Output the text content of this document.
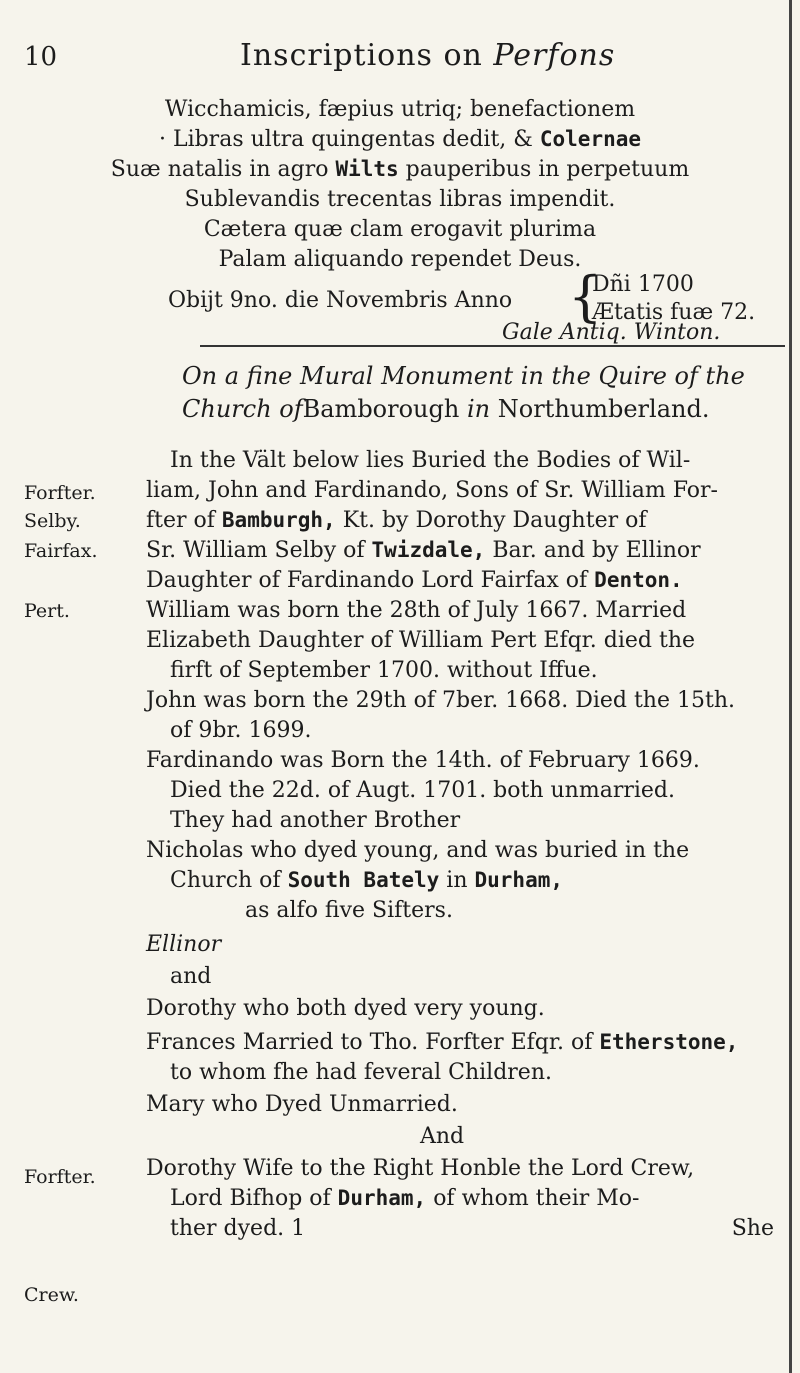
10	Inscriptions on Perfons
Wicchamicis, fæpius utriq; benefactionem
· Libras ultra quingentas dedit, & Colernae
Suæ natalis in agro Wilts pauperibus in perpetuum
Sublevandis trecentas libras impendit.
Cætera quæ clam erogavit plurima
Palam aliquando rependet Deus.
Obijt 9no. die Novembris Anno {
Dñi 1700
Ætatis fuæ 72.
Gale Antiq. Winton.
On a fine Mural Monument in the Quire of the
Church ofBamborough in Northumberland.
Forfter.
Selby.
Fairfax.
Pert.
Forfter.
Crew.
In the Vält below lies Buried the Bodies of Wil-
liam, John and Fardinando, Sons of Sr. William For-
fter of Bamburgh, Kt. by Dorothy Daughter of
Sr. William Selby of Twizdale, Bar. and by Ellinor
Daughter of Fardinando Lord Fairfax of Denton.
William was born the 28th of July 1667. Married
Elizabeth Daughter of William Pert Efqr. died the
firft of September 1700. without Iffue.
John was born the 29th of 7ber. 1668. Died the 15th.
of 9br. 1699.
Fardinando was Born the 14th. of February 1669.
Died the 22d. of Augt. 1701. both unmarried.
They had another Brother
Nicholas who dyed young, and was buried in the
Church of South Bately in Durham,
as alfo five Sifters.
Ellinor
and
Dorothy who both dyed very young.
Frances Married to Tho. Forfter Efqr. of Etherstone,
to whom fhe had feveral Children.
Mary who Dyed Unmarried.
And
Dorothy Wife to the Right Honble the Lord Crew,
Lord Bifhop of Durham, of whom their Mo-
ther dyed. 1	She
